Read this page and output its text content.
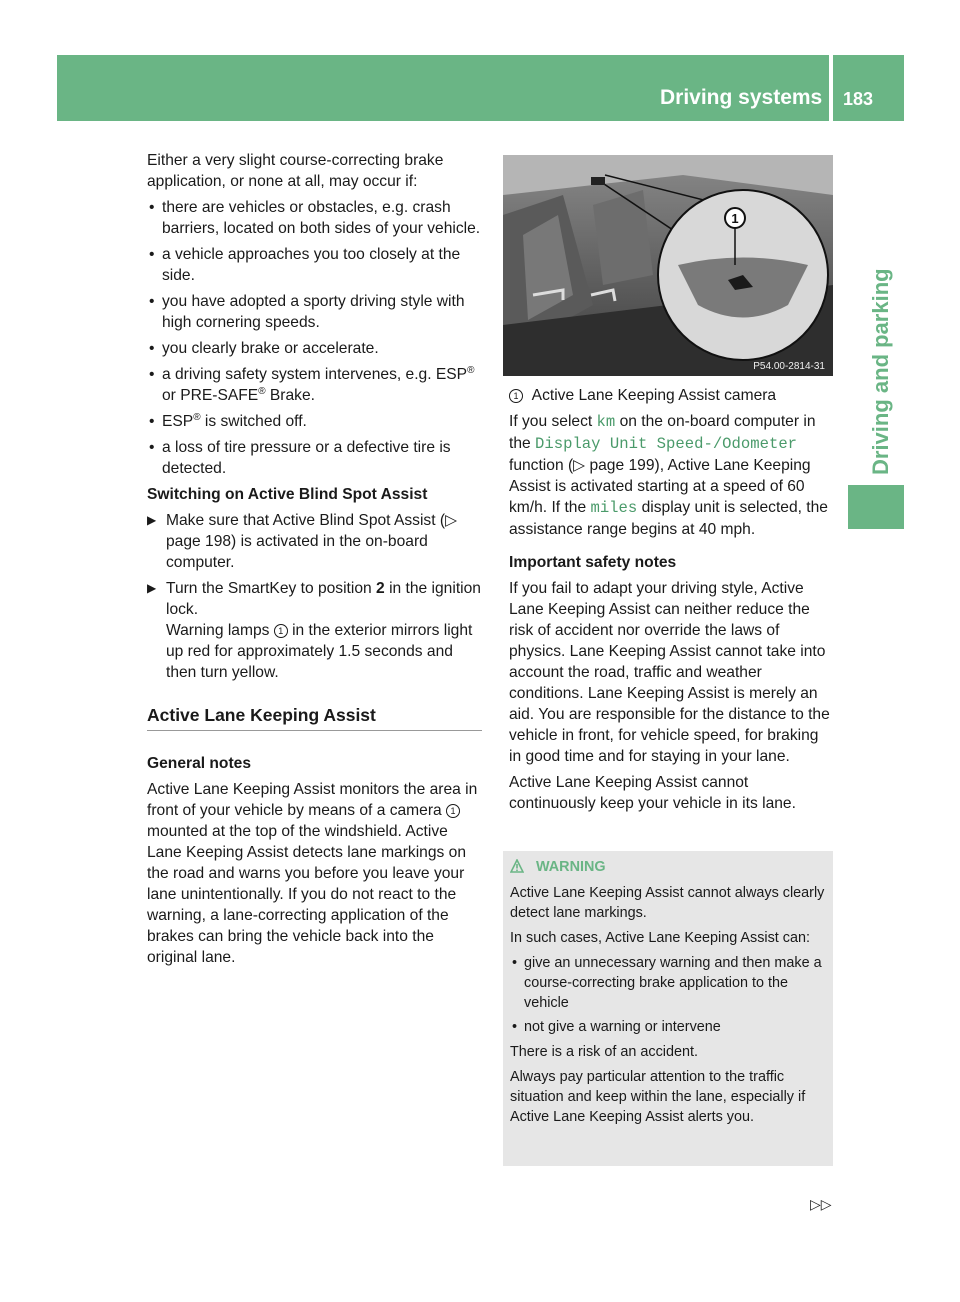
Driving systems 183
Driving and parking

Either a very slight course-correcting brake application, or none at all, may occur if:

• there are vehicles or obstacles, e.g. crash barriers, located on both sides of your vehicle.
• a vehicle approaches you too closely at the side.
• you have adopted a sporty driving style with high cornering speeds.
• you clearly brake or accelerate.
• a driving safety system intervenes, e.g. ESP® or PRE-SAFE® Brake.
• ESP® is switched off.
• a loss of tire pressure or a defective tire is detected.

Switching on Active Blind Spot Assist

▶ Make sure that Active Blind Spot Assist (▷ page 198) is activated in the on-board computer.
▶ Turn the SmartKey to position 2 in the ignition lock.
Warning lamps 1 in the exterior mirrors light up red for approximately 1.5 seconds and then turn yellow.
Active Lane Keeping Assist

General notes

Active Lane Keeping Assist monitors the area in front of your vehicle by means of a camera 1 mounted at the top of the windshield. Active Lane Keeping Assist detects lane markings on the road and warns you before you leave your lane unintentionally. If you do not react to the warning, a lane-correcting application of the brakes can bring the vehicle back into the original lane.

1
P54.00-2814-31

1 Active Lane Keeping Assist camera

If you select km on the on-board computer in the Display Unit Speed-/Odometer function (▷ page 199), Active Lane Keeping Assist is activated starting at a speed of 60 km/h. If the miles display unit is selected, the assistance range begins at 40 mph.

Important safety notes

If you fail to adapt your driving style, Active Lane Keeping Assist can neither reduce the risk of accident nor override the laws of physics. Lane Keeping Assist cannot take into account the road, traffic and weather conditions. Lane Keeping Assist is merely an aid. You are responsible for the distance to the vehicle in front, for vehicle speed, for braking in good time and for staying in your lane.

Active Lane Keeping Assist cannot continuously keep your vehicle in its lane.

WARNING

Active Lane Keeping Assist cannot always clearly detect lane markings.

In such cases, Active Lane Keeping Assist can:

• give an unnecessary warning and then make a course-correcting brake application to the vehicle
• not give a warning or intervene

There is a risk of an accident.

Always pay particular attention to the traffic situation and keep within the lane, especially if Active Lane Keeping Assist alerts you.

▷▷
